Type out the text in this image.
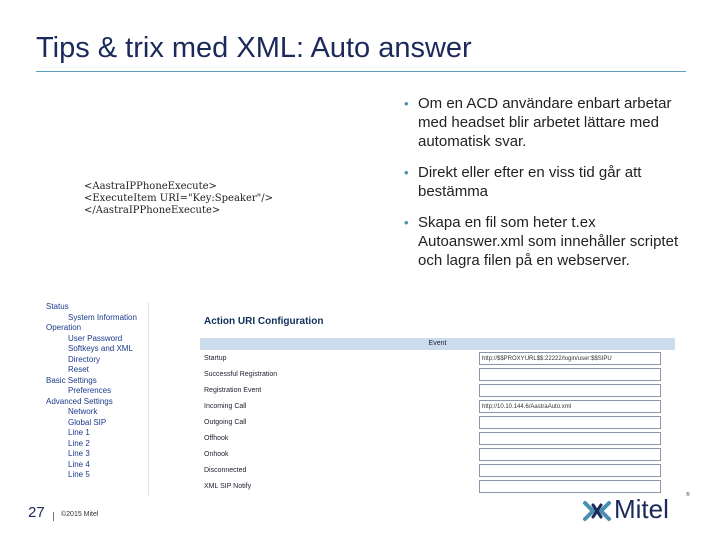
Tips & trix med XML: Auto answer
• Om en ACD användare enbart arbetar med headset blir arbetet lättare med automatisk svar.
• Direkt eller efter en viss tid går att bestämma
• Skapa en fil som heter t.ex Autoanswer.xml som innehåller scriptet och lagra filen på en webserver.
<AastraIPPhoneExecute>
<ExecuteItem URI="Key:Speaker"/>
</AastraIPPhoneExecute>
Status
System Information
Operation
User Password
Softkeys and XML
Directory
Reset
Basic Settings
Preferences
Advanced Settings
Network
Global SIP
Line 1
Line 2
Line 3
Line 4
Line 5
Action URI Configuration
Event
Startup	http://$$PROXYURL$$:22222/login/user:$$SIPU
Successful Registration
Registration Event
Incoming Call	http://10.10.144.6/AastraAuto.xml
Outgoing Call
Offhook
Onhook
Disconnected
XML SIP Notify
27 ©2015 Mitel	Mitel	®
